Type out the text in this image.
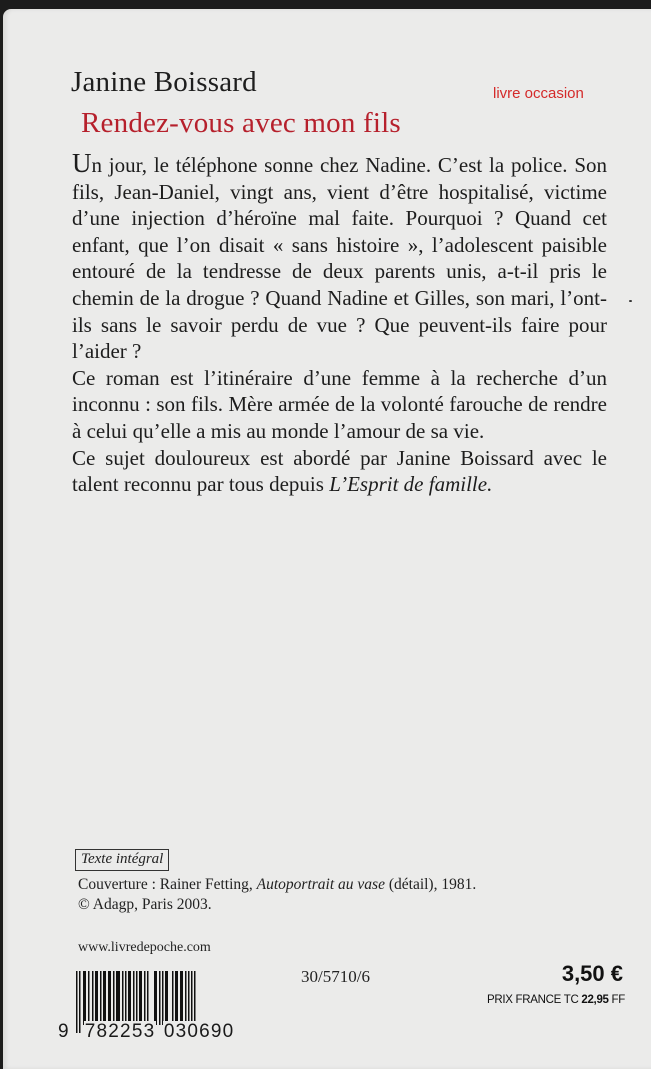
Janine Boissard	livre occasion
Rendez-vous avec mon fils

Un jour, le téléphone sonne chez Nadine. C’est la police. Son fils, Jean-Daniel, vingt ans, vient d’être hospitalisé, victime d’une injection d’héroïne mal faite. Pourquoi ? Quand cet enfant, que l’on disait « sans histoire », l’adolescent paisible entouré de la tendresse de deux parents unis, a-t-il pris le chemin de la drogue ? Quand Nadine et Gilles, son mari, l’ont-ils sans le savoir perdu de vue ? Que peuvent-ils faire pour l’aider ?

Ce roman est l’itinéraire d’une femme à la recherche d’un inconnu : son fils. Mère armée de la volonté farouche de rendre à celui qu’elle a mis au monde l’amour de sa vie.

Ce sujet douloureux est abordé par Janine Boissard avec le talent reconnu par tous depuis L’Esprit de famille.

Texte intégral
Couverture : Rainer Fetting, Autoportrait au vase (détail), 1981.
© Adagp, Paris 2003.
www.livredepoche.com
9 782253 030690
30/5710/6	3,50 €
PRIX FRANCE TC 22,95 FF
